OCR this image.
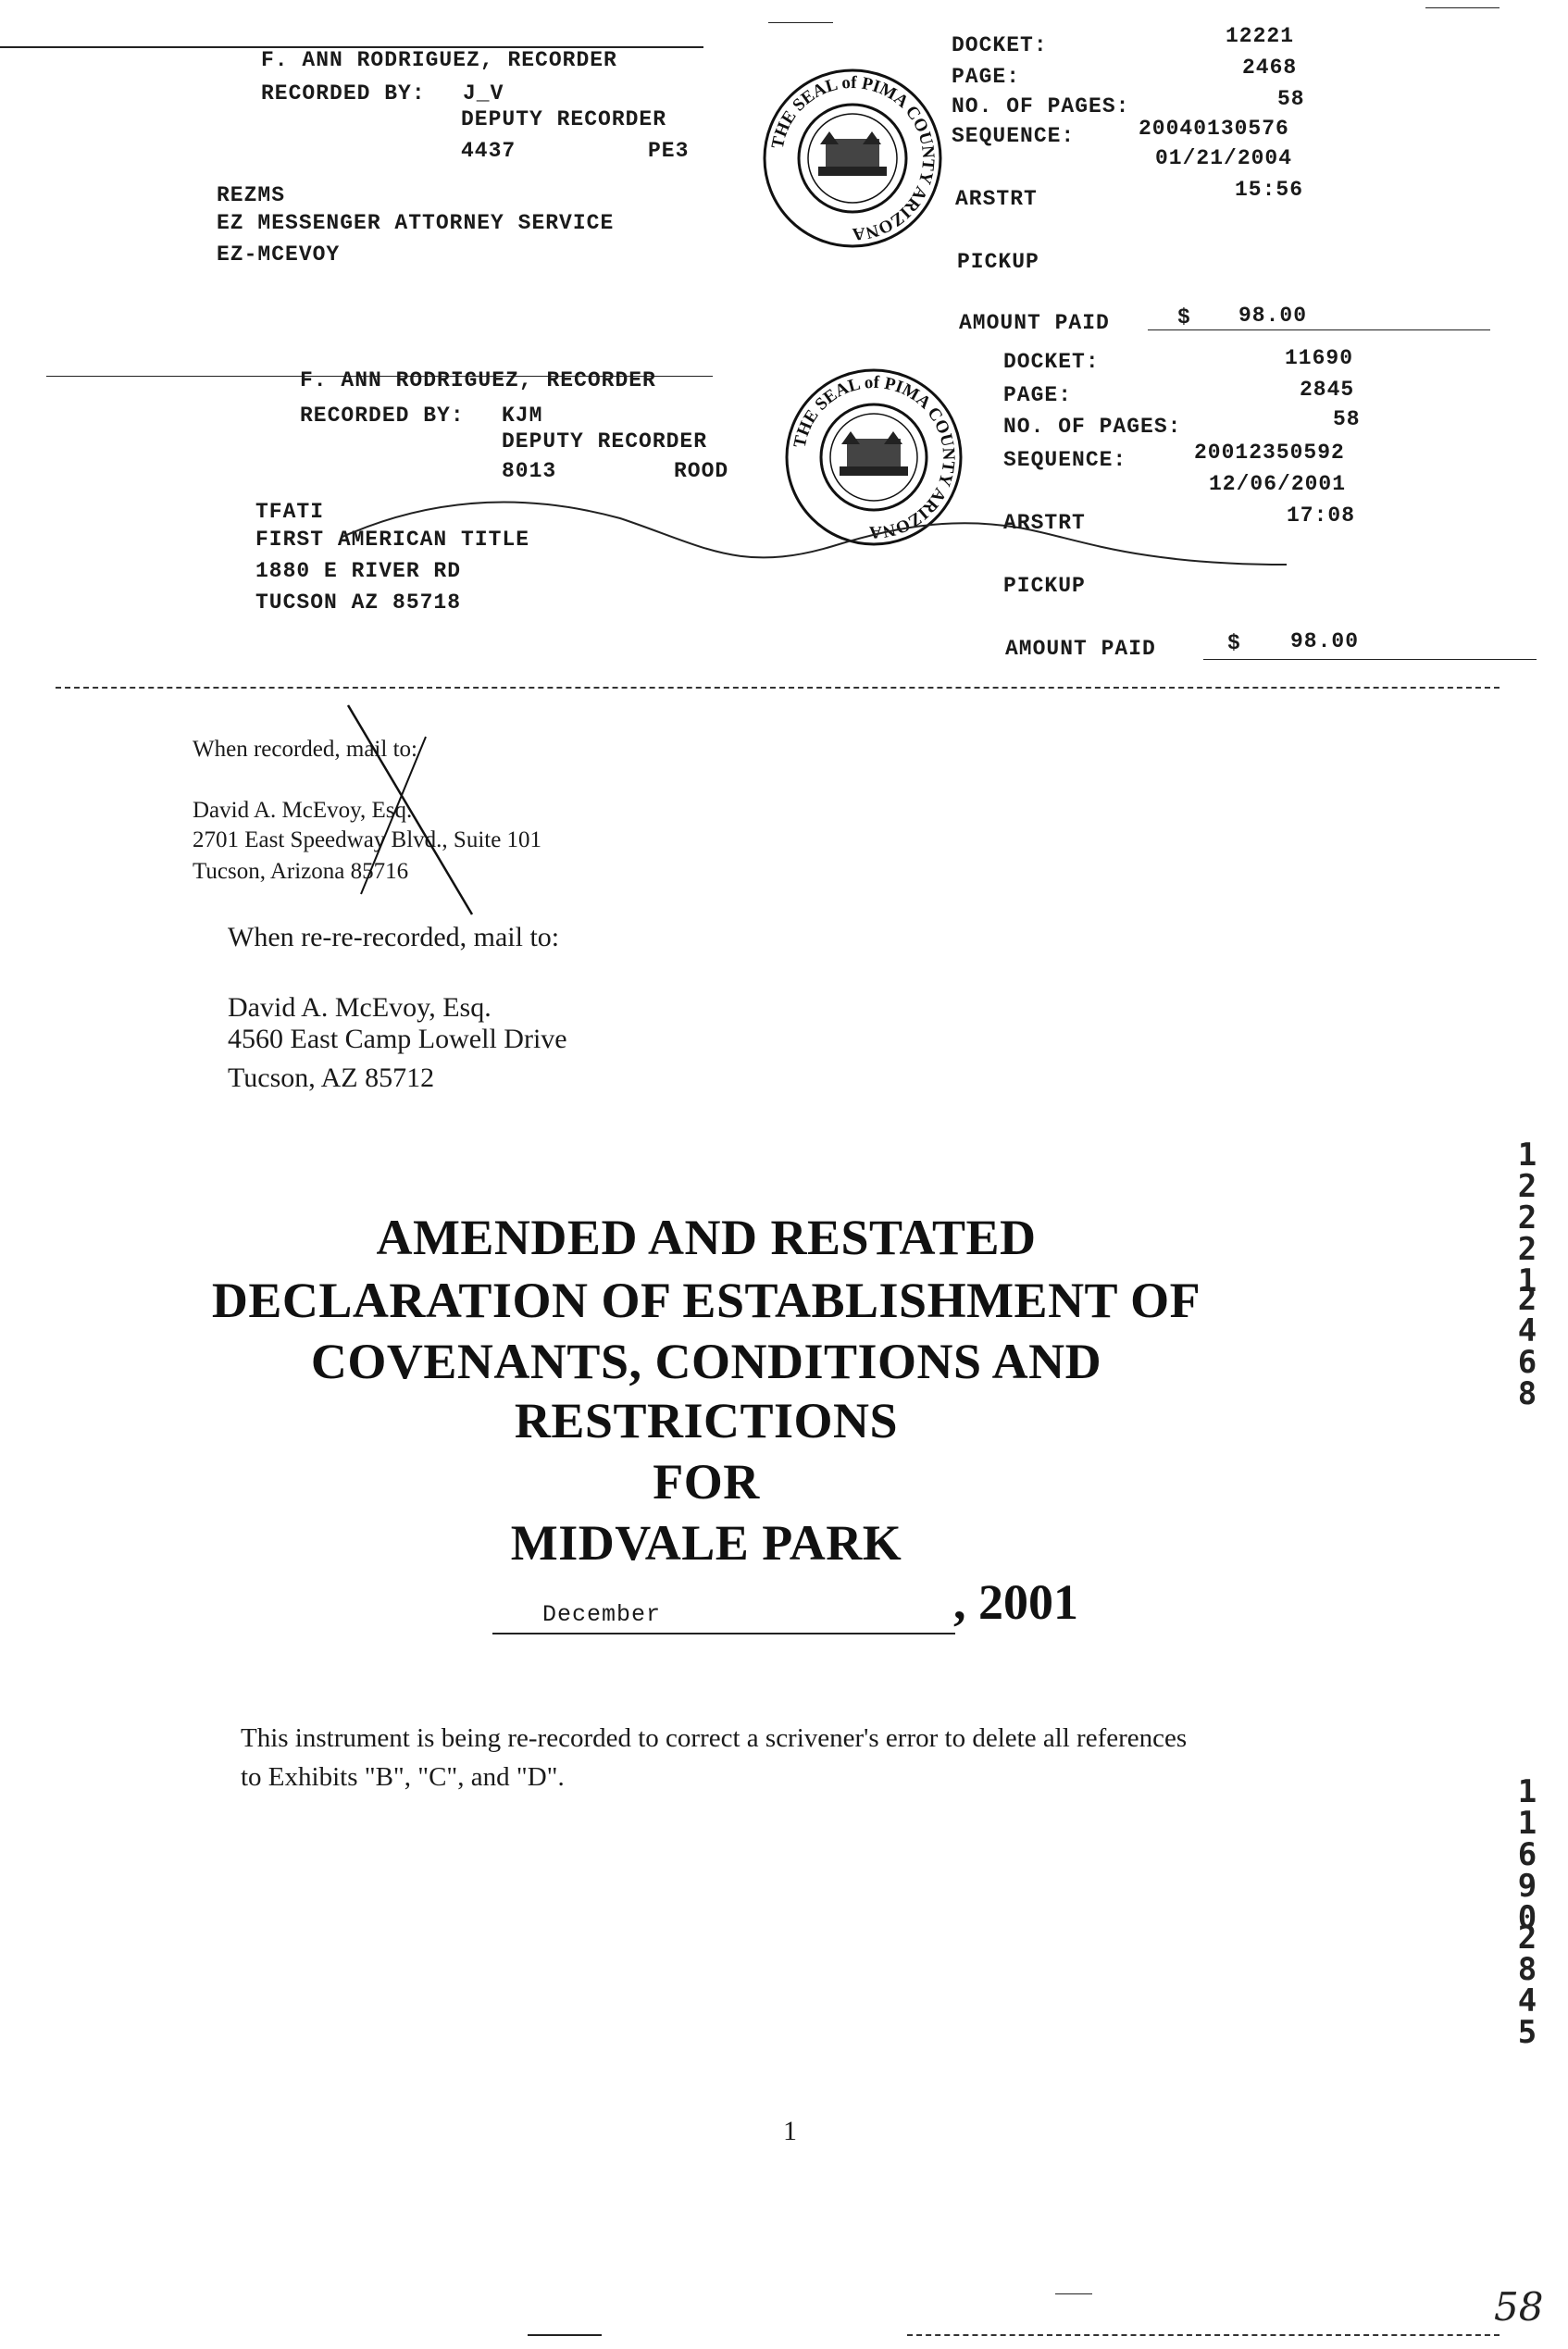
F. ANN RODRIGUEZ, RECORDER
RECORDED BY: J_V
DEPUTY RECORDER
4437	PE3
REZMS
EZ MESSENGER ATTORNEY SERVICE
EZ-MCEVOY
THE SEAL of PIMA COUNTY ARIZONA
DOCKET:	12221
PAGE:	2468
NO. OF PAGES:	58
SEQUENCE:	20040130576
01/21/2004
ARSTRT	15:56
PICKUP
AMOUNT PAID	$ 98.00
F. ANN RODRIGUEZ, RECORDER
RECORDED BY: KJM
DEPUTY RECORDER
8013	ROOD
TFATI
FIRST AMERICAN TITLE
1880 E RIVER RD
TUCSON AZ 85718
THE SEAL of PIMA COUNTY ARIZONA
DOCKET:	11690
PAGE:	2845
NO. OF PAGES:	58
SEQUENCE:	20012350592
12/06/2001
ARSTRT	17:08
PICKUP
AMOUNT PAID	$ 98.00
When recorded, mail to:
David A. McEvoy, Esq.
2701 East Speedway Blvd., Suite 101
Tucson, Arizona 85716
When re-re-recorded, mail to:
David A. McEvoy, Esq.
4560 East Camp Lowell Drive
Tucson, AZ 85712
AMENDED AND RESTATED
DECLARATION OF ESTABLISHMENT OF
COVENANTS, CONDITIONS AND
RESTRICTIONS
FOR
MIDVALE PARK
December	, 2001
This instrument is being re-recorded to correct a scrivener's error to delete all references
to Exhibits "B", "C", and "D".
1
12221
2468
11690
2845
58
